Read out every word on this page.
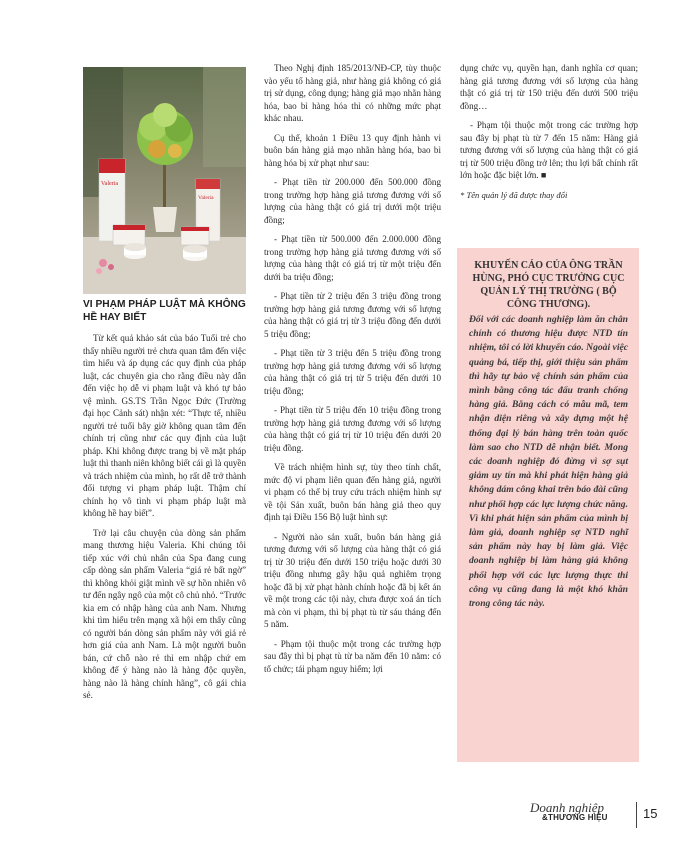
Valeria
Valeria
VI PHẠM PHÁP LUẬT MÀ KHÔNG HỀ HAY BIẾT

Từ kết quả khảo sát của báo Tuổi trẻ cho thấy nhiều người trẻ chưa quan tâm đến việc tìm hiểu và áp dụng các quy định của pháp luật, các chuyên gia cho rằng điều này dẫn đến việc họ dễ vi phạm luật và khó tự bảo vệ mình. GS.TS Trần Ngọc Đức (Trường đại học Cảnh sát) nhận xét: “Thực tế, nhiều người trẻ tuổi bây giờ không quan tâm đến chính trị cũng như các quy định của luật pháp. Khi không được trang bị về mặt pháp luật thì thanh niên không biết cái gì là quyền và trách nhiệm của mình, họ rất dễ trở thành đối tượng vi phạm pháp luật. Thậm chí chính họ vô tình vi phạm pháp luật mà không hề hay biết”.

Trở lại câu chuyện của dòng sản phẩm mang thương hiệu Valeria. Khi chúng tôi tiếp xúc với chủ nhân của Spa đang cung cấp dòng sản phẩm Valeria “giá rẻ bất ngờ” thì không khỏi giật mình về sự hồn nhiên vô tư đến ngây ngô của một cô chủ nhỏ. “Trước kia em có nhập hàng của anh Nam. Nhưng khi tìm hiểu trên mạng xã hội em thấy cũng có người bán dòng sản phẩm này với giá rẻ hơn giá của anh Nam. Là một người buôn bán, cứ chỗ nào rẻ thì em nhập chứ em không để ý hàng nào là hàng độc quyền, hàng nào là hàng chính hãng”, cô gái chia sẻ.

Theo Nghị định 185/2013/NĐ-CP, tùy thuộc vào yếu tố hàng giả, như hàng giả không có giá trị sử dụng, công dụng; hàng giả mạo nhãn hàng hóa, bao bì hàng hóa thì có những mức phạt khác nhau.

Cụ thể, khoản 1 Điều 13 quy định hành vi buôn bán hàng giả mạo nhãn hàng hóa, bao bì hàng hóa bị xử phạt như sau:

- Phạt tiền từ 200.000 đến 500.000 đồng trong trường hợp hàng giả tương đương với số lượng của hàng thật có giá trị dưới một triệu đồng;

- Phạt tiền từ 500.000 đến 2.000.000 đồng trong trường hợp hàng giả tương đương với số lượng của hàng thật có giá trị từ một triệu đến dưới ba triệu đồng;

- Phạt tiền từ 2 triệu đến 3 triệu đồng trong trường hợp hàng giả tương đương với số lượng của hàng thật có giá trị từ 3 triệu đồng đến dưới 5 triệu đồng;

- Phạt tiền từ 3 triệu đến 5 triệu đồng trong trường hợp hàng giả tương đương với số lượng của hàng thật có giá trị từ 5 triệu đến dưới 10 triệu đồng;

- Phạt tiền từ 5 triệu đến 10 triệu đồng trong trường hợp hàng giả tương đương với số lượng của hàng thật có giá trị từ 10 triệu đến dưới 20 triệu đồng.

Về trách nhiệm hình sự, tùy theo tính chất, mức độ vi phạm liên quan đến hàng giả, người vi phạm có thể bị truy cứu trách nhiệm hình sự về tội Sản xuất, buôn bán hàng giả theo quy định tại Điều 156 Bộ luật hình sự:

- Người nào sản xuất, buôn bán hàng giả tương đương với số lượng của hàng thật có giá trị từ 30 triệu đến dưới 150 triệu hoặc dưới 30 triệu đồng nhưng gây hậu quả nghiêm trọng hoặc đã bị xử phạt hành chính hoặc đã bị kết án về một trong các tội này, chưa được xoá án tích mà còn vi phạm, thì bị phạt tù từ sáu tháng đến 5 năm.

- Phạm tội thuộc một trong các trường hợp sau đây thì bị phạt tù từ ba năm đến 10 năm: có tổ chức; tái phạm nguy hiểm; lợi

dụng chức vụ, quyền hạn, danh nghĩa cơ quan; hàng giả tương đương với số lượng của hàng thật có giá trị từ 150 triệu đến dưới 500 triệu đồng…

- Phạm tội thuộc một trong các trường hợp sau đây bị phạt tù từ 7 đến 15 năm: Hàng giả tương đương với số lượng của hàng thật có giá trị từ 500 triệu đồng trở lên; thu lợi bất chính rất lớn hoặc đặc biệt lớn. ■

* Tên quản lý đã được thay đổi
KHUYẾN CÁO CỦA ÔNG TRẦN HÙNG, PHÓ CỤC TRƯỞNG CỤC QUẢN LÝ THỊ TRƯỜNG ( BỘ CÔNG THƯƠNG).
Đối với các doanh nghiệp làm ăn chân chính có thương hiệu được NTD tín nhiệm, tôi có lời khuyến cáo. Ngoài việc quảng bá, tiếp thị, giới thiệu sản phẩm thì hãy tự bảo vệ chính sản phẩm của mình bằng công tác đấu tranh chống hàng giả. Bằng cách có mẫu mã, tem nhận diện riêng và xây dựng một hệ thống đại lý bán hàng trên toàn quốc làm sao cho NTD dễ nhận biết. Mong các doanh nghiệp đó đừng vì sợ sụt giảm uy tín mà khi phát hiện hàng giả không dám công khai trên báo đài cũng như phối hợp các lực lượng chức năng. Vì khi phát hiện sản phẩm của mình bị làm giả, doanh nghiệp sợ NTD nghĩ sản phẩm này hay bị làm giả. Việc doanh nghiệp bị làm hàng giả không phối hợp với các lực lượng thực thi công vụ cũng đang là một khó khăn trong công tác này.
Doanh nghiệp
&THƯƠNG HIỆU	15
